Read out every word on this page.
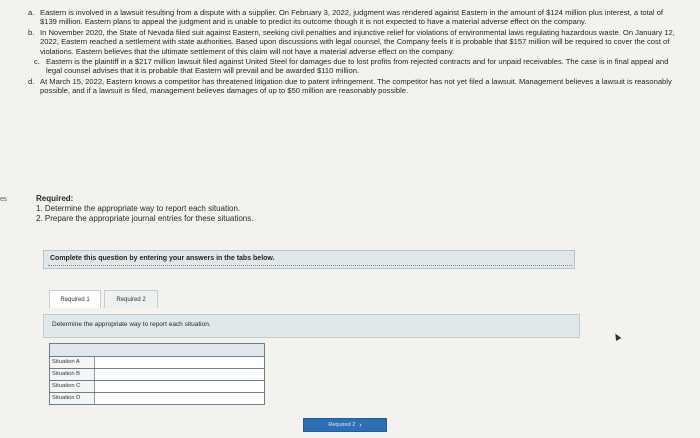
es
a. Eastern is involved in a lawsuit resulting from a dispute with a supplier. On February 3, 2022, judgment was rendered against Eastern in the amount of $124 million plus interest, a total of $139 million. Eastern plans to appeal the judgment and is unable to predict its outcome though it is not expected to have a material adverse effect on the company.
b. In November 2020, the State of Nevada filed suit against Eastern, seeking civil penalties and injunctive relief for violations of environmental laws regulating hazardous waste. On January 12, 2022, Eastern reached a settlement with state authorities. Based upon discussions with legal counsel, the Company feels it is probable that $157 million will be required to cover the cost of violations. Eastern believes that the ultimate settlement of this claim will not have a material adverse effect on the company.
c. Eastern is the plaintiff in a $217 million lawsuit filed against United Steel for damages due to lost profits from rejected contracts and for unpaid receivables. The case is in final appeal and legal counsel advises that it is probable that Eastern will prevail and be awarded $110 million.
d. At March 15, 2022, Eastern knows a competitor has threatened litigation due to patent infringement. The competitor has not yet filed a lawsuit. Management believes a lawsuit is reasonably possible, and if a lawsuit is filed, management believes damages of up to $50 million are reasonably possible.
Required:
1. Determine the appropriate way to report each situation.
2. Prepare the appropriate journal entries for these situations.
Complete this question by entering your answers in the tabs below.
Required 1	Required 2
Determine the appropriate way to report each situation.
Situation A
Situation B
Situation C
Situation D
Required 2 ›
